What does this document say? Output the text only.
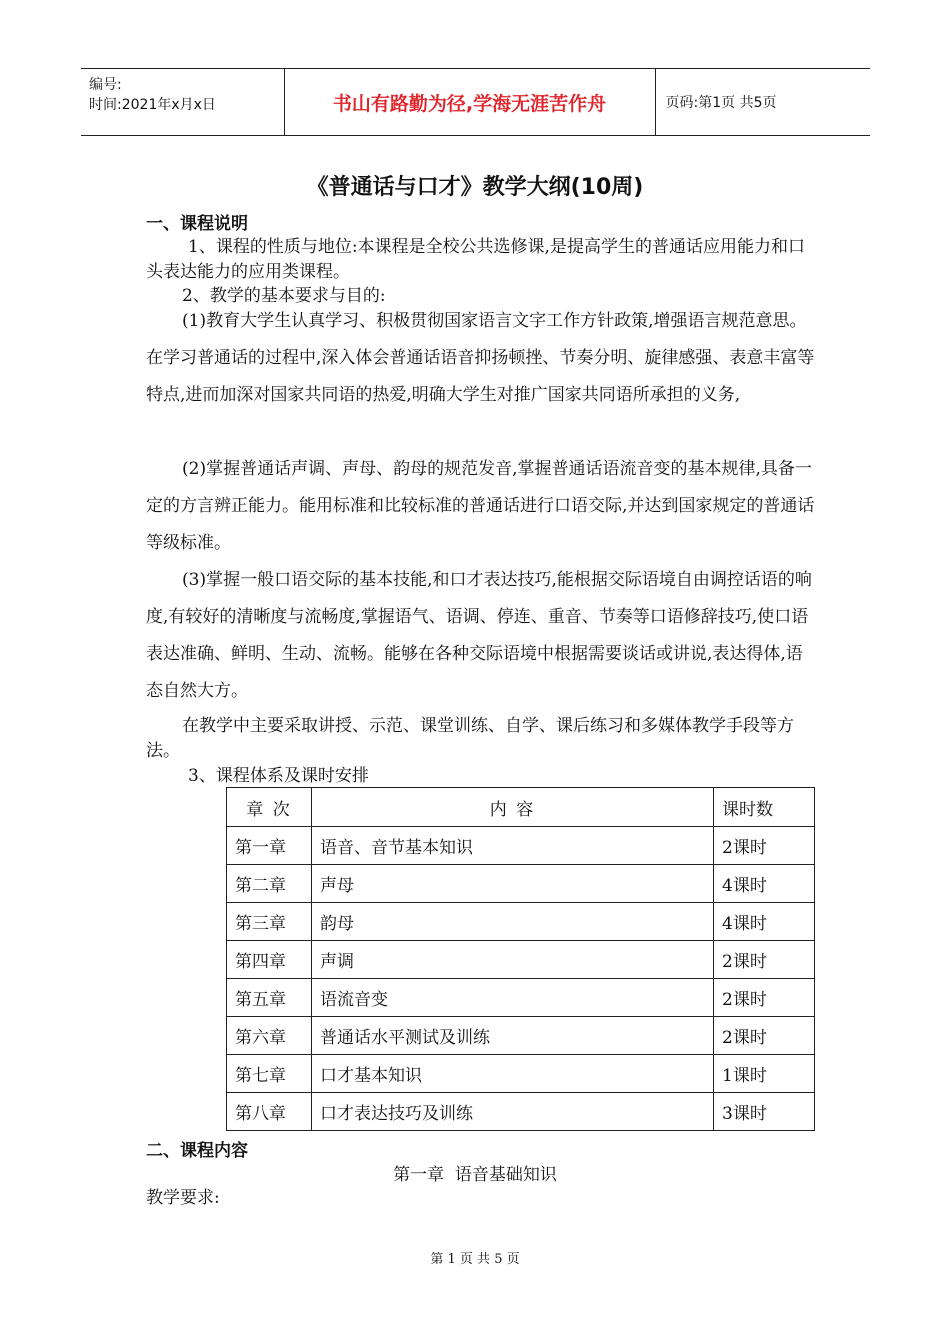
编号:
时间:2021年x月x日	书山有路勤为径,学海无涯苦作舟	页码:第1页 共5页
《普通话与口才》教学大纲(10周)
一、课程说明

1、课程的性质与地位:本课程是全校公共选修课,是提高学生的普通话应用能力和口头表达能力的应用类课程。

2、教学的基本要求与目的:

(1)教育大学生认真学习、积极贯彻国家语言文字工作方针政策,增强语言规范意思。在学习普通话的过程中,深入体会普通话语音抑扬顿挫、节奏分明、旋律感强、表意丰富等特点,进而加深对国家共同语的热爱,明确大学生对推广国家共同语所承担的义务,

(2)掌握普通话声调、声母、韵母的规范发音,掌握普通话语流音变的基本规律,具备一定的方言辨正能力。能用标准和比较标准的普通话进行口语交际,并达到国家规定的普通话等级标准。

(3)掌握一般口语交际的基本技能,和口才表达技巧,能根据交际语境自由调控话语的响度,有较好的清晰度与流畅度,掌握语气、语调、停连、重音、节奏等口语修辞技巧,使口语表达准确、鲜明、生动、流畅。能够在各种交际语境中根据需要谈话或讲说,表达得体,语态自然大方。

在教学中主要采取讲授、示范、课堂训练、自学、课后练习和多媒体教学手段等方法。

3、课程体系及课时安排

章 次	内 容	课时数
第一章	语音、音节基本知识	2课时
第二章	声母	4课时
第三章	韵母	4课时
第四章	声调	2课时
第五章	语流音变	2课时
第六章	普通话水平测试及训练	2课时
第七章	口才基本知识	1课时
第八章	口才表达技巧及训练	3课时
二、课程内容
第一章  语音基础知识
教学要求:
第 1 页 共 5 页
